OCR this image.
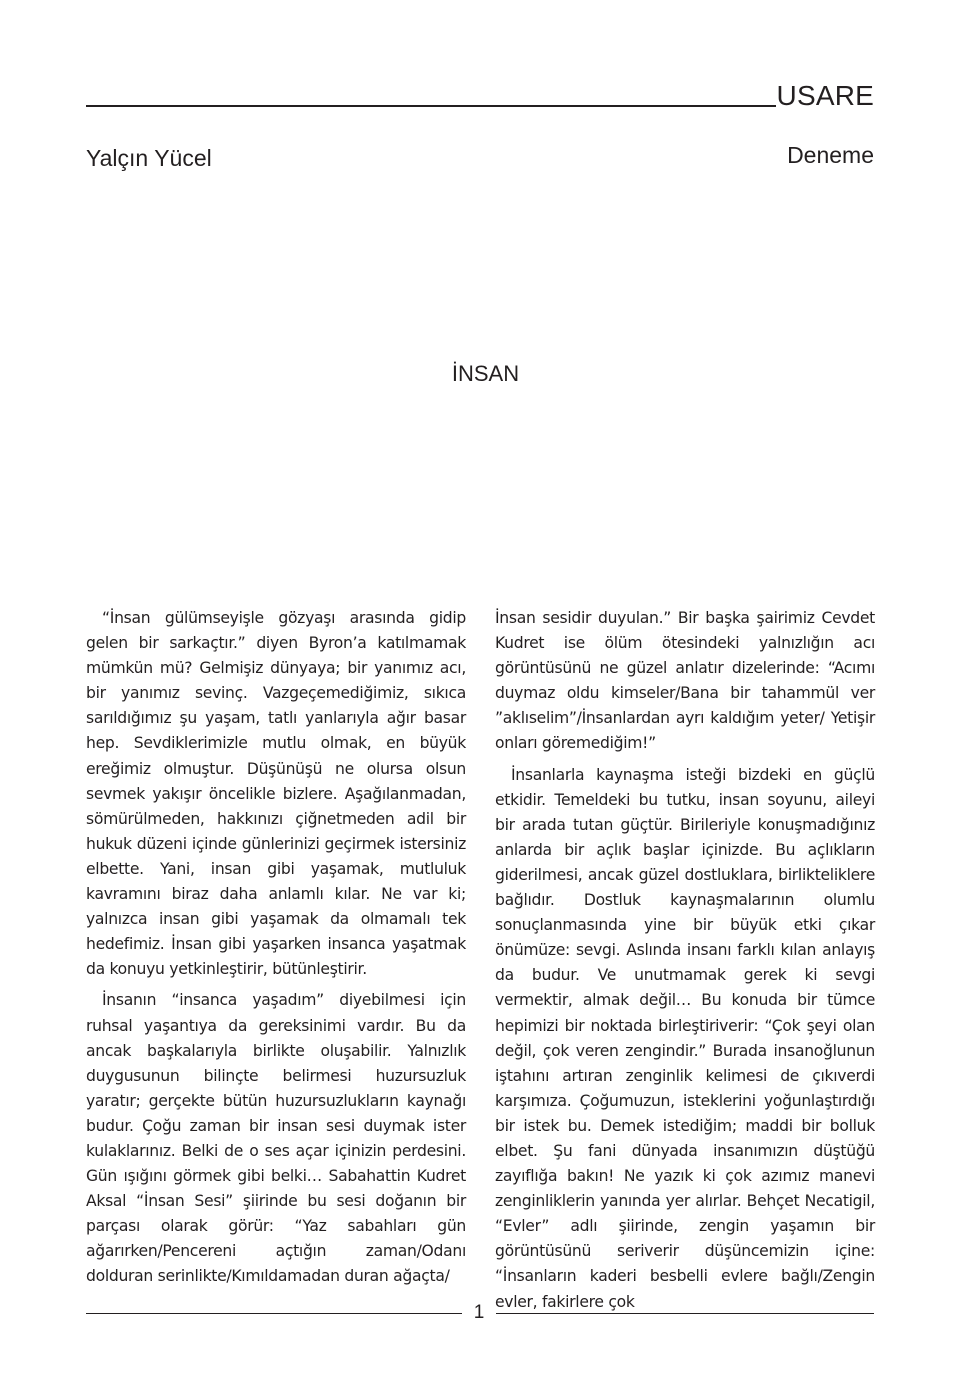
USARE
Yalçın Yücel	Deneme
İNSAN

“İnsan gülümseyişle gözyaşı arasında gidip gelen bir sarkaçtır.” diyen Byron’a katılmamak mümkün mü? Gelmişiz dünyaya; bir yanımız acı, bir yanımız sevinç. Vazgeçemediğimiz, sıkıca sarıldığımız şu yaşam, tatlı yanlarıyla ağır basar hep. Sevdiklerimizle mutlu olmak, en büyük ereğimiz olmuştur. Düşünüşü ne olursa olsun sevmek yakışır öncelikle bizlere. Aşağılanmadan, sömürülmeden, hakkınızı çiğnetmeden adil bir hukuk düzeni içinde günlerinizi geçirmek istersiniz elbette. Yani, insan gibi yaşamak, mutluluk kavramını biraz daha anlamlı kılar. Ne var ki; yalnızca insan gibi yaşamak da olmamalı tek hedefimiz. İnsan gibi yaşarken insanca yaşatmak da konuyu yetkinleştirir, bütünleştirir.

İnsanın “insanca yaşadım” diyebilmesi için ruhsal yaşantıya da gereksinimi vardır. Bu da ancak başkalarıyla birlikte oluşabilir. Yalnızlık duygusunun bilinçte belirmesi huzursuzluk yaratır; gerçekte bütün huzursuzlukların kaynağı budur. Çoğu zaman bir insan sesi duymak ister kulaklarınız. Belki de o ses açar içinizin perdesini. Gün ışığını görmek gibi belki… Sabahattin Kudret Aksal “İnsan Sesi” şiirinde bu sesi doğanın bir parçası olarak görür: “Yaz sabahları gün ağarırken/Pencereni açtığın zaman/Odanı dolduran serinlikte/Kımıldamadan duran ağaçta/

İnsan sesidir duyulan.” Bir başka şairimiz Cevdet Kudret ise ölüm ötesindeki yalnızlığın acı görüntüsünü ne güzel anlatır dizelerinde: “Acımı duymaz oldu kimseler/Bana bir tahammül ver ”aklıselim”/İnsanlardan ayrı kaldığım yeter/ Yetişir onları göremediğim!”

İnsanlarla kaynaşma isteği bizdeki en güçlü etkidir. Temeldeki bu tutku, insan soyunu, aileyi bir arada tutan güçtür. Birileriyle konuşmadığınız anlarda bir açlık başlar içinizde. Bu açlıkların giderilmesi, ancak güzel dostluklara, birlikteliklere bağlıdır. Dostluk kaynaşmalarının olumlu sonuçlanmasında yine bir büyük etki çıkar önümüze: sevgi. Aslında insanı farklı kılan anlayış da budur. Ve unutmamak gerek ki sevgi vermektir, almak değil… Bu konuda bir tümce hepimizi bir noktada birleştiriverir: “Çok şeyi olan değil, çok veren zengindir.” Burada insanoğlunun iştahını artıran zenginlik kelimesi de çıkıverdi karşımıza. Çoğumuzun, isteklerini yoğunlaştırdığı bir istek bu. Demek istediğim; maddi bir bolluk elbet. Şu fani dünyada insanımızın düştüğü zayıflığa bakın! Ne yazık ki çok azımız manevi zenginliklerin yanında yer alırlar. Behçet Necatigil, “Evler” adlı şiirinde, zengin yaşamın bir görüntüsünü seriverir düşüncemizin içine: “İnsanların kaderi besbelli evlere bağlı/Zengin evler, fakirlere çok

1
